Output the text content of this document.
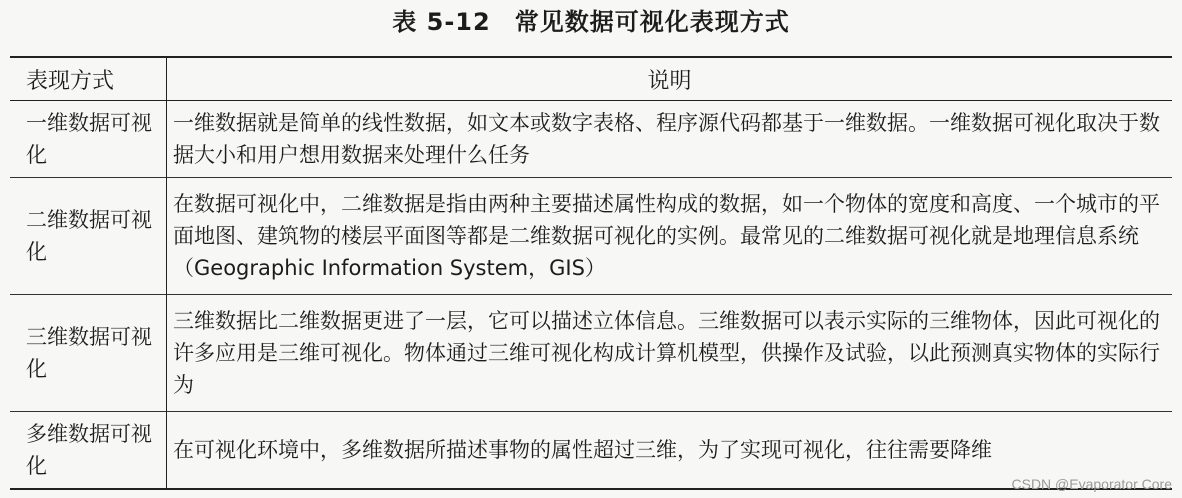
表 5-12 常见数据可视化表现方式
表现方式	说明
一维数据可视化	一维数据就是简单的线性数据，如文本或数字表格、程序源代码都基于一维数据。一维数据可视化取决于数据大小和用户想用数据来处理什么任务
二维数据可视化	在数据可视化中，二维数据是指由两种主要描述属性构成的数据，如一个物体的宽度和高度、一个城市的平面地图、建筑物的楼层平面图等都是二维数据可视化的实例。最常见的二维数据可视化就是地理信息系统（Geographic Information System，GIS）
三维数据可视化	三维数据比二维数据更进了一层，它可以描述立体信息。三维数据可以表示实际的三维物体，因此可视化的许多应用是三维可视化。物体通过三维可视化构成计算机模型，供操作及试验，以此预测真实物体的实际行为
多维数据可视化	在可视化环境中，多维数据所描述事物的属性超过三维，为了实现可视化，往往需要降维
CSDN @Evaporator Core
